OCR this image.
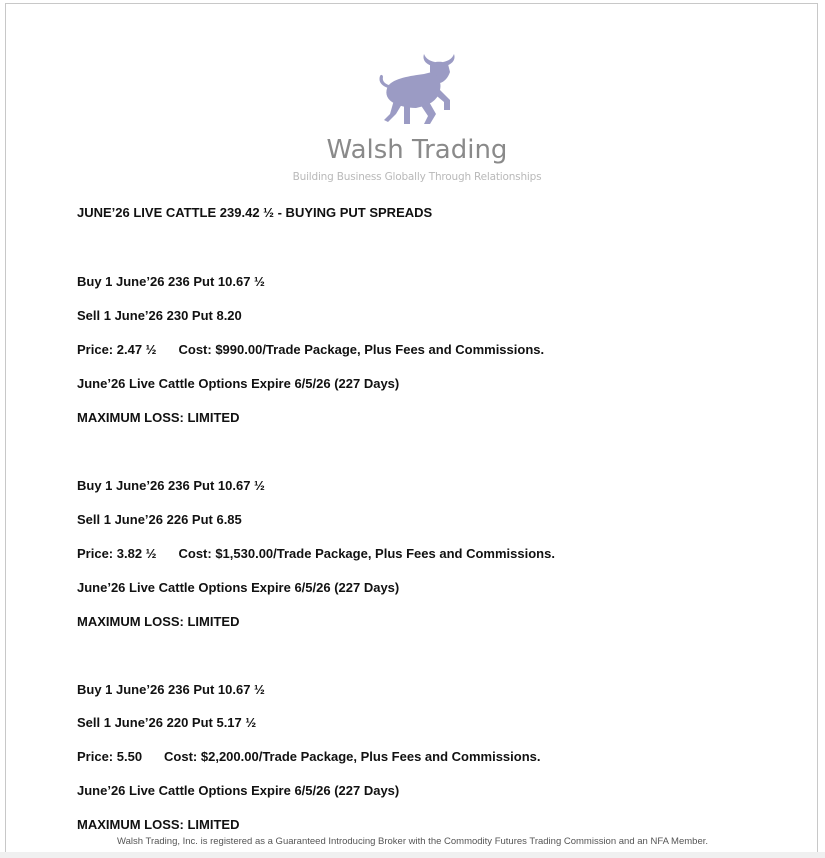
Walsh Trading
Building Business Globally Through Relationships
JUNE’26 LIVE CATTLE 239.42 ½ - BUYING PUT SPREADS
Buy 1 June’26 236 Put 10.67 ½
Sell 1 June’26 230 Put 8.20
Price: 2.47 ½ Cost: $990.00/Trade Package, Plus Fees and Commissions.
June’26 Live Cattle Options Expire 6/5/26 (227 Days)
MAXIMUM LOSS: LIMITED
Buy 1 June’26 236 Put 10.67 ½
Sell 1 June’26 226 Put 6.85
Price: 3.82 ½ Cost: $1,530.00/Trade Package, Plus Fees and Commissions.
June’26 Live Cattle Options Expire 6/5/26 (227 Days)
MAXIMUM LOSS: LIMITED
Buy 1 June’26 236 Put 10.67 ½
Sell 1 June’26 220 Put 5.17 ½
Price: 5.50 Cost: $2,200.00/Trade Package, Plus Fees and Commissions.
June’26 Live Cattle Options Expire 6/5/26 (227 Days)
MAXIMUM LOSS: LIMITED
Walsh Trading, Inc. is registered as a Guaranteed Introducing Broker with the Commodity Futures Trading Commission and an NFA Member.
